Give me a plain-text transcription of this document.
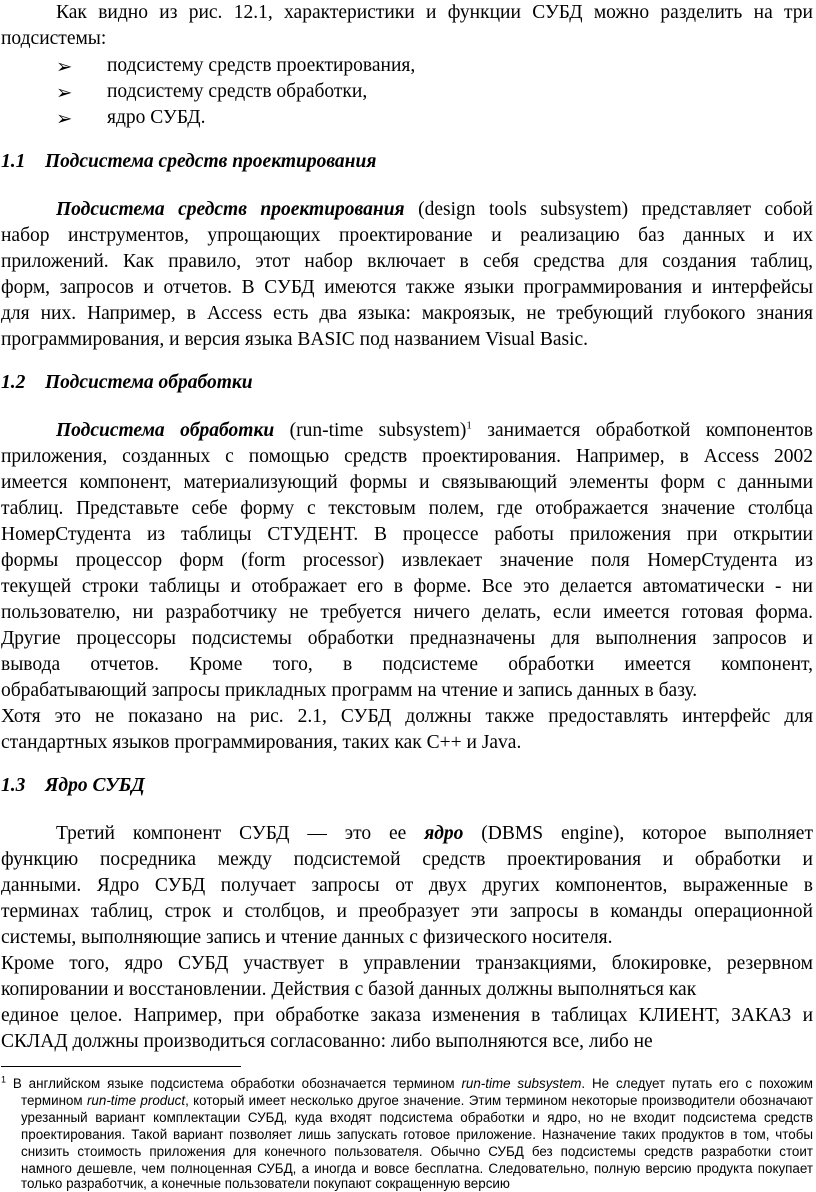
Как видно из рис. 12.1, характеристики и функции СУБД можно разделить на три
подсистемы:
➢ подсистему средств проектирования,
➢ подсистему средств обработки,
➢ ядро СУБД.
1.1 Подсистема средств проектирования
Подсистема средств проектирования (design tools subsystem) представляет собой
набор инструментов, упрощающих проектирование и реализацию баз данных и их
приложений. Как правило, этот набор включает в себя средства для создания таблиц,
форм, запросов и отчетов. В СУБД имеются также языки программирования и интерфейсы
для них. Например, в Access есть два языка: макроязык, не требующий глубокого знания
программирования, и версия языка BASIC под названием Visual Basic.
1.2 Подсистема обработки
Подсистема обработки (run-time subsystem)$^1$ занимается обработкой компонентов
приложения, созданных с помощью средств проектирования. Например, в Access 2002
имеется компонент, материализующий формы и связывающий элементы форм с данными
таблиц. Представьте себе форму с текстовым полем, где отображается значение столбца
НомерСтудента из таблицы СТУДЕНТ. В процессе работы приложения при открытии
формы процессор форм (form processor) извлекает значение поля НомерСтудента из
текущей строки таблицы и отображает его в форме. Все это делается автоматически - ни
пользователю, ни разработчику не требуется ничего делать, если имеется готовая форма.
Другие процессоры подсистемы обработки предназначены для выполнения запросов и
вывода отчетов. Кроме того, в подсистеме обработки имеется компонент,
обрабатывающий запросы прикладных программ на чтение и запись данных в базу.
Хотя это не показано на рис. 2.1, СУБД должны также предоставлять интерфейс для
стандартных языков программирования, таких как C++ и Java.
1.3 Ядро СУБД
Третий компонент СУБД — это ее ядро (DBMS engine), которое выполняет
функцию посредника между подсистемой средств проектирования и обработки и
данными. Ядро СУБД получает запросы от двух других компонентов, выраженные в
терминах таблиц, строк и столбцов, и преобразует эти запросы в команды операционной
системы, выполняющие запись и чтение данных с физического носителя.
Кроме того, ядро СУБД участвует в управлении транзакциями, блокировке, резервном
копировании и восстановлении. Действия с базой данных должны выполняться как
единое целое. Например, при обработке заказа изменения в таблицах КЛИЕНТ, ЗАКАЗ и
СКЛАД должны производиться согласованно: либо выполняются все, либо не
$^1$ В английском языке подсистема обработки обозначается термином run-time subsystem. Не следует путать его с похожим
термином run-time product, который имеет несколько другое значение. Этим термином некоторые производители обозначают
урезанный вариант комплектации СУБД, куда входят подсистема обработки и ядро, но не входит подсистема средств
проектирования. Такой вариант позволяет лишь запускать готовое приложение. Назначение таких продуктов в том, чтобы
снизить стоимость приложения для конечного пользователя. Обычно СУБД без подсистемы средств разработки стоит
намного дешевле, чем полноценная СУБД, а иногда и вовсе бесплатна. Следовательно, полную версию продукта покупает
только разработчик, а конечные пользователи покупают сокращенную версию
